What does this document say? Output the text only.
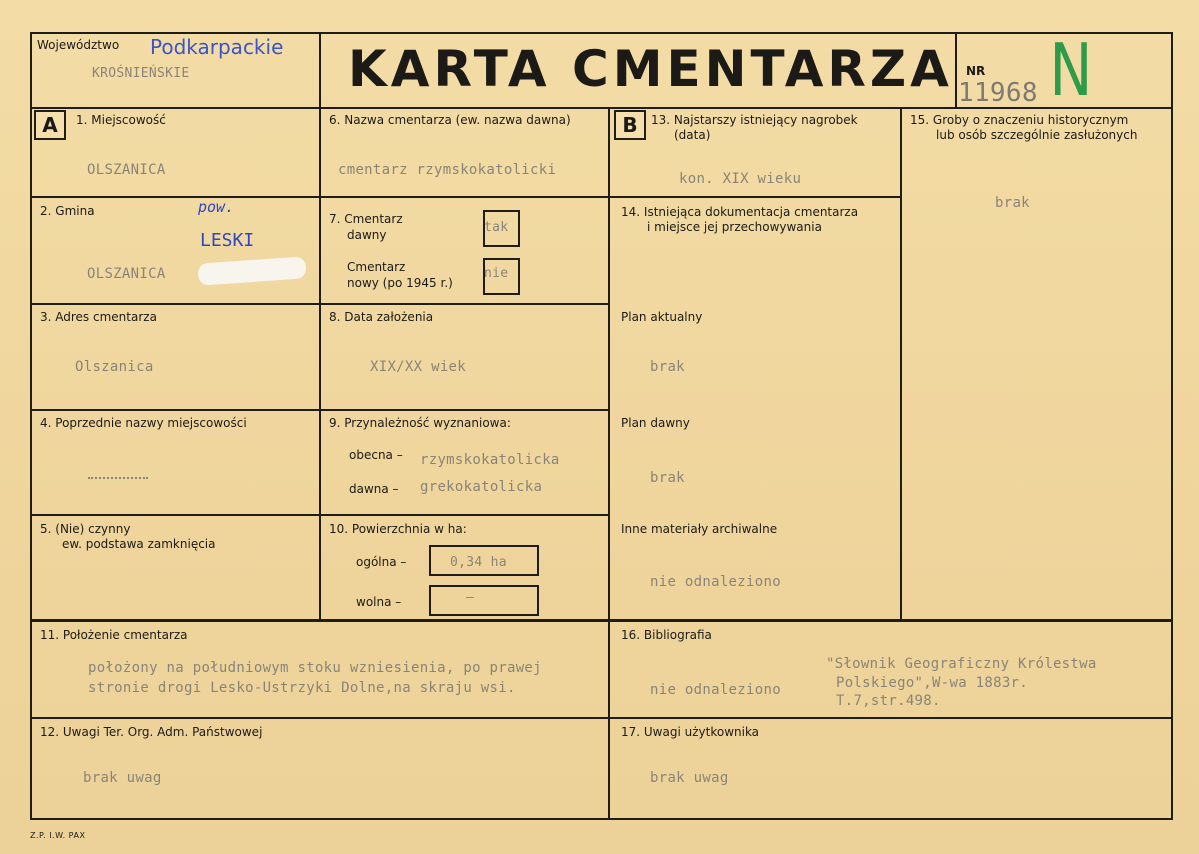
Województwo Podkarpackie
KROŚNIEŃSKIE	KARTA CMENTARZA NR
11968 N
A	1. Miejscowość
OLSZANICA
2. Gmina	pow.
LESKI
OLSZANICA
3. Adres cmentarza
Olszanica
4. Poprzednie nazwy miejscowości
5. (Nie) czynny
ew. podstawa zamknięcia
6. Nazwa cmentarza (ew. nazwa dawna)
cmentarz rzymskokatolicki
7. Cmentarz
dawny	tak
Cmentarz
nowy (po 1945 r.)
nie
8. Data założenia
XIX/XX wiek
9. Przynależność wyznaniowa:
obecna – rzymskokatolicka
dawna – grekokatolicka
10. Powierzchnia w ha:
ogólna –	0,34 ha
wolna –	–
B	13. Najstarszy istniejący nagrobek
(data)
kon. XIX wieku
14. Istniejąca dokumentacja cmentarza
i miejsce jej przechowywania
Plan aktualny
brak
Plan dawny
brak
Inne materiały archiwalne
nie odnaleziono
15. Groby o znaczeniu historycznym
lub osób szczególnie zasłużonych
brak
11. Położenie cmentarza
położony na południowym stoku wzniesienia, po prawej
stronie drogi Lesko-Ustrzyki Dolne,na skraju wsi.
16. Bibliografia
nie odnaleziono
"Słownik Geograficzny Królestwa
Polskiego",W-wa 1883r.
T.7,str.498.
12. Uwagi Ter. Org. Adm. Państwowej
brak uwag
17. Uwagi użytkownika
brak uwag
Z.P. I.W. PAX
